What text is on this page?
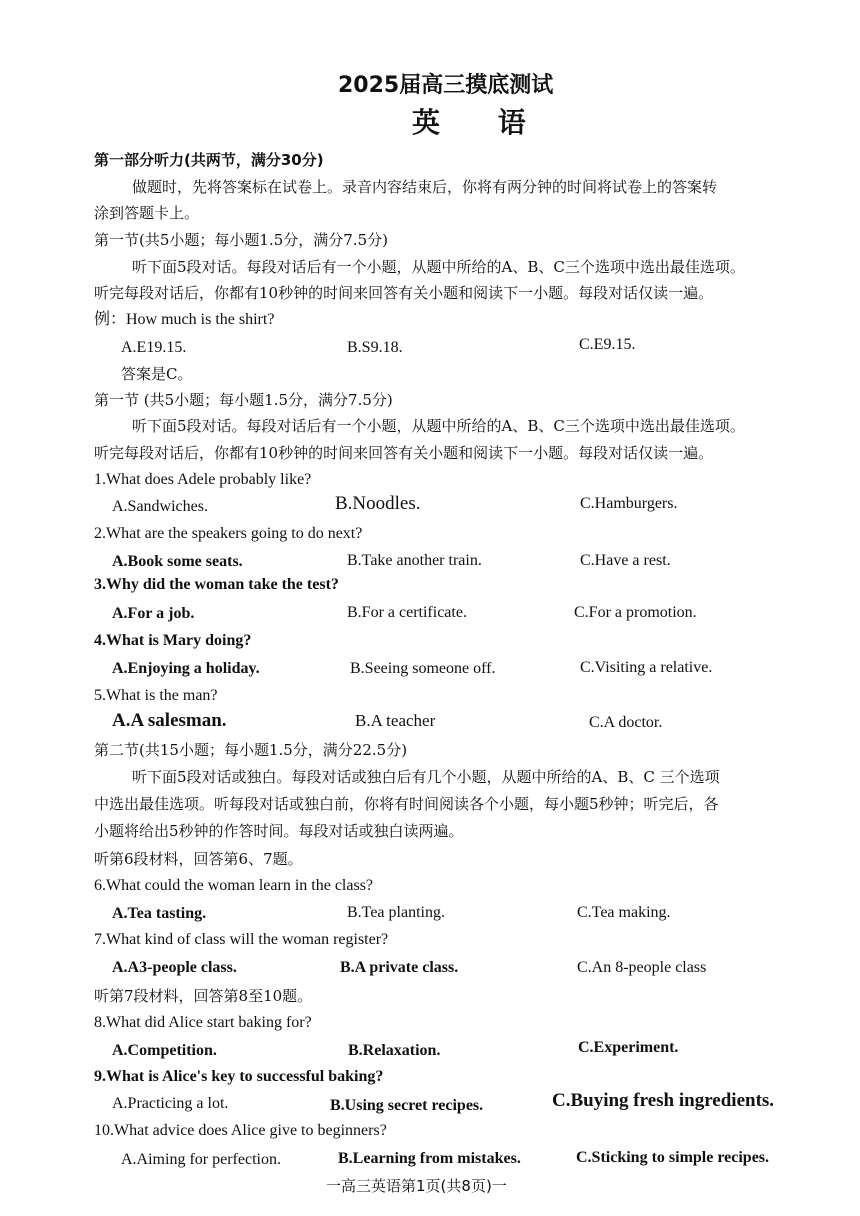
2025届高三摸底测试
英 语
第一部分听力(共两节，满分30分)
做题时，先将答案标在试卷上。录音内容结束后，你将有两分钟的时间将试卷上的答案转
涂到答题卡上。
第一节(共5小题；每小题1.5分，满分7.5分)
听下面5段对话。每段对话后有一个小题，从题中所给的A、B、C三个选项中选出最佳选项。
听完每段对话后，你都有10秒钟的时间来回答有关小题和阅读下一小题。每段对话仅读一遍。
例：How much is the shirt?
A.E19.15.	B.S9.18.	C.E9.15.
答案是C。
第一节 (共5小题；每小题1.5分，满分7.5分)
听下面5段对话。每段对话后有一个小题，从题中所给的A、B、C三个选项中选出最佳选项。
听完每段对话后，你都有10秒钟的时间来回答有关小题和阅读下一小题。每段对话仅读一遍。
1.What does Adele probably like?
A.Sandwiches.	B.Noodles.	C.Hamburgers.
2.What are the speakers going to do next?
A.Book some seats.	B.Take another train.	C.Have a rest.
3.Why did the woman take the test?
A.For a job.	B.For a certificate.	C.For a promotion.
4.What is Mary doing?
A.Enjoying a holiday.	B.Seeing someone off.	C.Visiting a relative.
5.What is the man?
A.A salesman.	B.A teacher	C.A doctor.
第二节(共15小题；每小题1.5分，满分22.5分)
听下面5段对话或独白。每段对话或独白后有几个小题，从题中所给的A、B、C 三个选项
中选出最佳选项。听每段对话或独白前，你将有时间阅读各个小题，每小题5秒钟；听完后，各
小题将给出5秒钟的作答时间。每段对话或独白读两遍。
听第6段材料，回答第6、7题。
6.What could the woman learn in the class?
A.Tea tasting.	B.Tea planting.	C.Tea making.
7.What kind of class will the woman register?
A.A3-people class.	B.A private class.	C.An 8-people class
听第7段材料，回答第8至10题。
8.What did Alice start baking for?
A.Competition.	B.Relaxation.	C.Experiment.
9.What is Alice's key to successful baking?
A.Practicing a lot.	B.Using secret recipes.	C.Buying fresh ingredients.
10.What advice does Alice give to beginners?
A.Aiming for perfection.	B.Learning from mistakes.	C.Sticking to simple recipes.
一高三英语第1页(共8页)一
